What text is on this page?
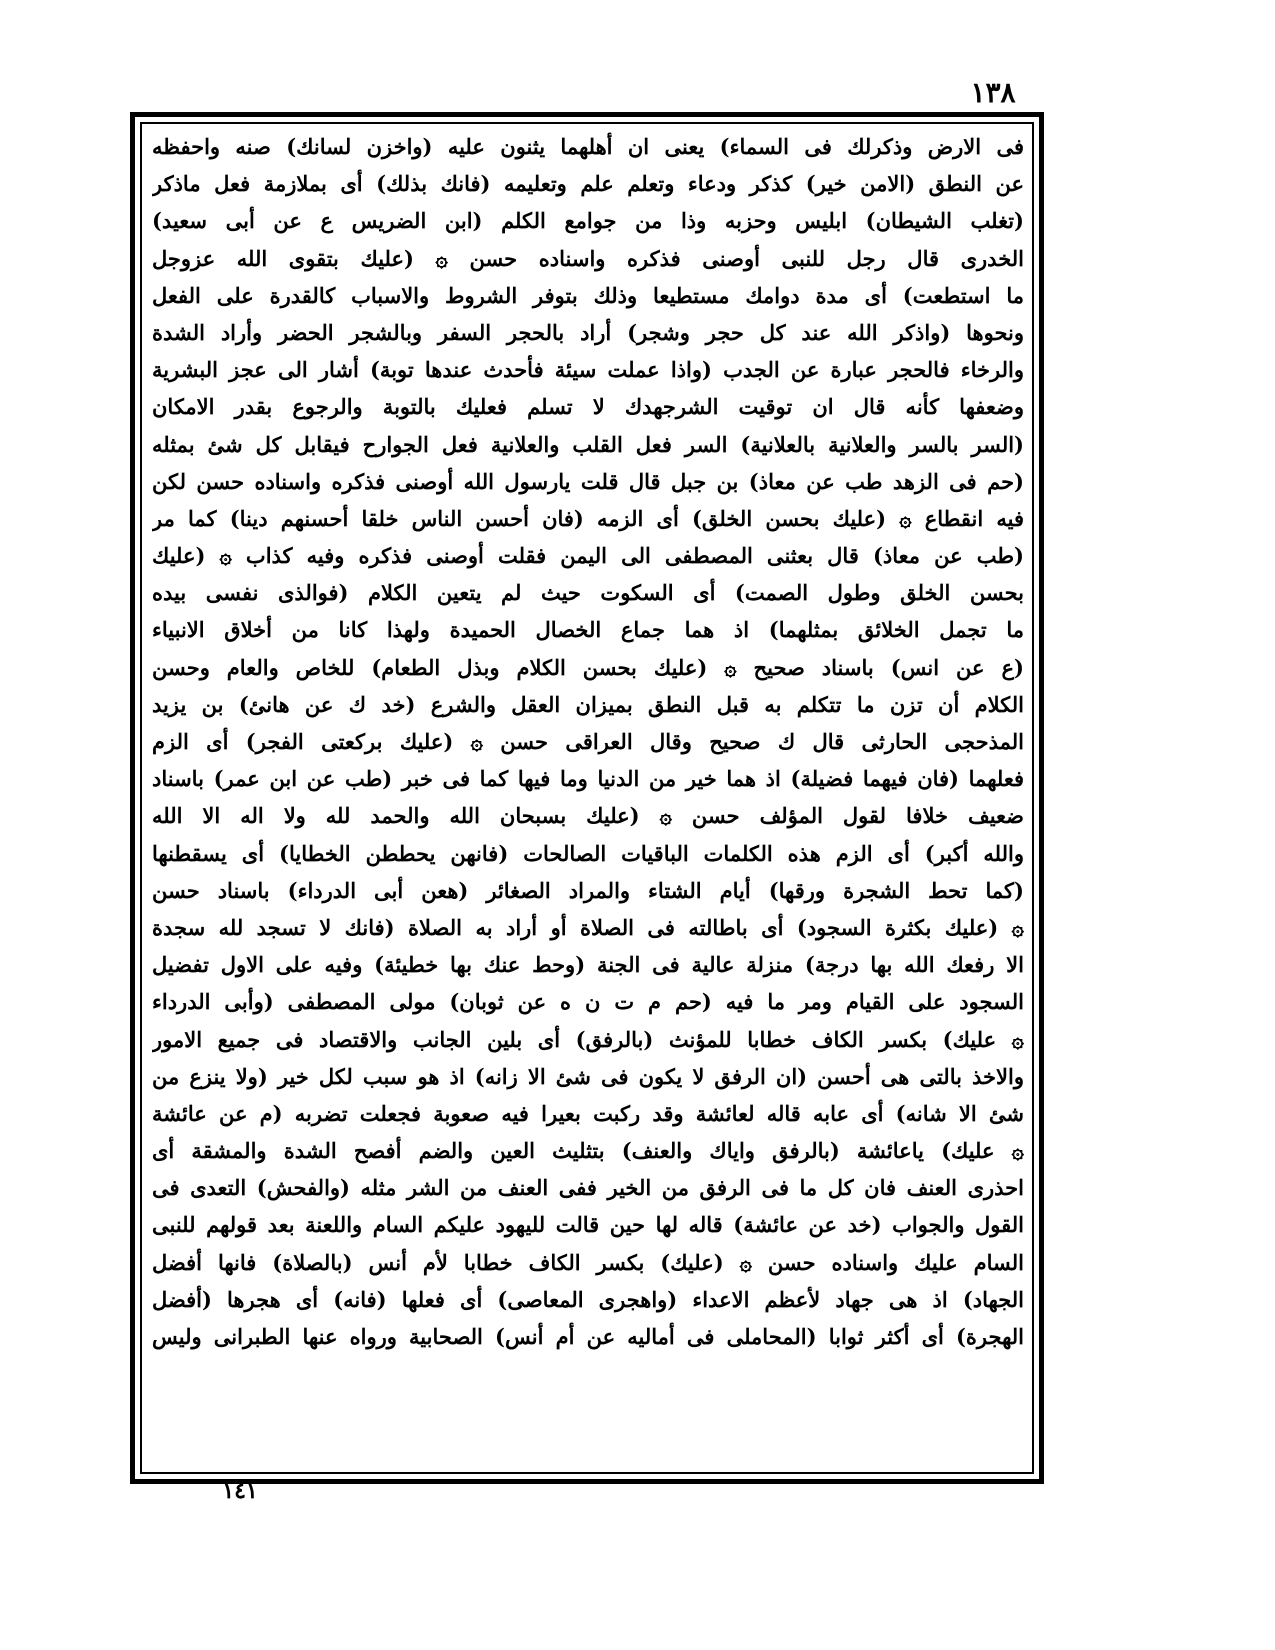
١٣٨
فى الارض وذكرلك فى السماء) يعنى ان أهلهما يثنون عليه (واخزن لسانك) صنه واحفظه
عن النطق (الامن خير) كذكر ودعاء وتعلم علم وتعليمه (فانك بذلك) أى بملازمة فعل ماذكر
(تغلب الشيطان) ابليس وحزبه وذا من جوامع الكلم (ابن الضريس ع عن أبى سعيد)
الخدرى قال رجل للنبى أوصنى فذكره واسناده حسن ۞ (عليك بتقوى الله عزوجل
ما استطعت) أى مدة دوامك مستطيعا وذلك بتوفر الشروط والاسباب كالقدرة على الفعل
ونحوها (واذكر الله عند كل حجر وشجر) أراد بالحجر السفر وبالشجر الحضر وأراد الشدة
والرخاء فالحجر عبارة عن الجدب (واذا عملت سيئة فأحدث عندها توبة) أشار الى عجز البشرية
وضعفها كأنه قال ان توقيت الشرجهدك لا تسلم فعليك بالتوبة والرجوع بقدر الامكان
(السر بالسر والعلانية بالعلانية) السر فعل القلب والعلانية فعل الجوارح فيقابل كل شئ بمثله
(حم فى الزهد طب عن معاذ) بن جبل قال قلت يارسول الله أوصنى فذكره واسناده حسن لكن
فيه انقطاع ۞ (عليك بحسن الخلق) أى الزمه (فان أحسن الناس خلقا أحسنهم دينا) كما مر
(طب عن معاذ) قال بعثنى المصطفى الى اليمن فقلت أوصنى فذكره وفيه كذاب ۞ (عليك
بحسن الخلق وطول الصمت) أى السكوت حيث لم يتعين الكلام (فوالذى نفسى بيده
ما تجمل الخلائق بمثلهما) اذ هما جماع الخصال الحميدة ولهذا كانا من أخلاق الانبياء
(ع عن انس) باسناد صحيح ۞ (عليك بحسن الكلام وبذل الطعام) للخاص والعام وحسن
الكلام أن تزن ما تتكلم به قبل النطق بميزان العقل والشرع (خد ك عن هانئ) بن يزيد
المذحجى الحارثى قال ك صحيح وقال العراقى حسن ۞ (عليك بركعتى الفجر) أى الزم
فعلهما (فان فيهما فضيلة) اذ هما خير من الدنيا وما فيها كما فى خبر (طب عن ابن عمر) باسناد
ضعيف خلافا لقول المؤلف حسن ۞ (عليك بسبحان الله والحمد لله ولا اله الا الله
والله أكبر) أى الزم هذه الكلمات الباقيات الصالحات (فانهن يحططن الخطايا) أى يسقطنها
(كما تحط الشجرة ورقها) أيام الشتاء والمراد الصغائر (هعن أبى الدرداء) باسناد حسن
۞ (عليك بكثرة السجود) أى باطالته فى الصلاة أو أراد به الصلاة (فانك لا تسجد لله سجدة
الا رفعك الله بها درجة) منزلة عالية فى الجنة (وحط عنك بها خطيئة) وفيه على الاول تفضيل
السجود على القيام ومر ما فيه (حم م ت ن ه عن ثوبان) مولى المصطفى (وأبى الدرداء
۞ عليك) بكسر الكاف خطابا للمؤنث (بالرفق) أى بلين الجانب والاقتصاد فى جميع الامور
والاخذ بالتى هى أحسن (ان الرفق لا يكون فى شئ الا زانه) اذ هو سبب لكل خير (ولا ينزع من
شئ الا شانه) أى عابه قاله لعائشة وقد ركبت بعيرا فيه صعوبة فجعلت تضربه (م عن عائشة
۞ عليك) ياعائشة (بالرفق واياك والعنف) بتثليث العين والضم أفصح الشدة والمشقة أى
احذرى العنف فان كل ما فى الرفق من الخير ففى العنف من الشر مثله (والفحش) التعدى فى
القول والجواب (خد عن عائشة) قاله لها حين قالت لليهود عليكم السام واللعنة بعد قولهم للنبى
السام عليك واسناده حسن ۞ (عليك) بكسر الكاف خطابا لأم أنس (بالصلاة) فانها أفضل
الجهاد) اذ هى جهاد لأعظم الاعداء (واهجرى المعاصى) أى فعلها (فانه) أى هجرها (أفضل
الهجرة) أى أكثر ثوابا (المحاملى فى أماليه عن أم أنس) الصحابية ورواه عنها الطبرانى وليس
١٤١
